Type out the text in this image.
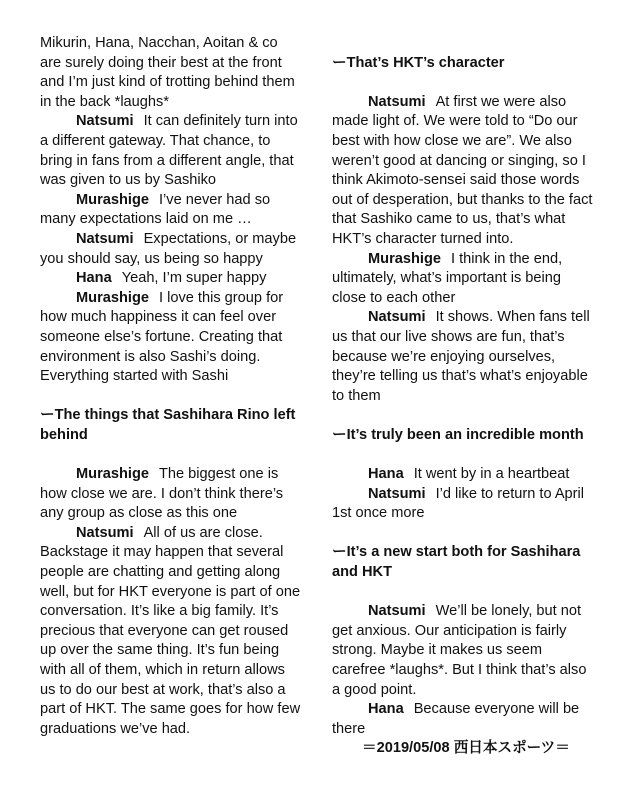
Mikurin, Hana, Nacchan, Aoitan & co are surely doing their best at the front and I’m just kind of trotting behind them in the back *laughs*

Natsumi It can definitely turn into a different gateway. That chance, to bring in fans from a different angle, that was given to us by Sashiko

Murashige I’ve never had so many expectations laid on me …

Natsumi Expectations, or maybe you should say, us being so happy

Hana Yeah, I’m super happy

Murashige I love this group for how much happiness it can feel over someone else’s fortune. Creating that environment is also Sashi’s doing. Everything started with Sashi

ーThe things that Sashihara Rino left behind

Murashige The biggest one is how close we are. I don’t think there’s any group as close as this one

Natsumi All of us are close. Backstage it may happen that several people are chatting and getting along well, but for HKT everyone is part of one conversation. It’s like a big family. It’s precious that everyone can get roused up over the same thing. It’s fun being with all of them, which in return allows us to do our best at work, that’s also a part of HKT. The same goes for how few graduations we’ve had.

ーThat’s HKT’s character

Natsumi At first we were also made light of. We were told to “Do our best with how close we are”. We also weren’t good at dancing or singing, so I think Akimoto-sensei said those words out of desperation, but thanks to the fact that Sashiko came to us, that’s what HKT’s character turned into.

Murashige I think in the end, ultimately, what’s important is being close to each other

Natsumi It shows. When fans tell us that our live shows are fun, that’s because we’re enjoying ourselves, they’re telling us that’s what’s enjoyable to them

ーIt’s truly been an incredible month

Hana It went by in a heartbeat

Natsumi I’d like to return to April 1st once more

ーIt’s a new start both for Sashihara and HKT

Natsumi We’ll be lonely, but not get anxious. Our anticipation is fairly strong. Maybe it makes us seem carefree *laughs*. But I think that’s also a good point.

Hana Because everyone will be there

＝2019/05/08 西日本スポーツ＝
